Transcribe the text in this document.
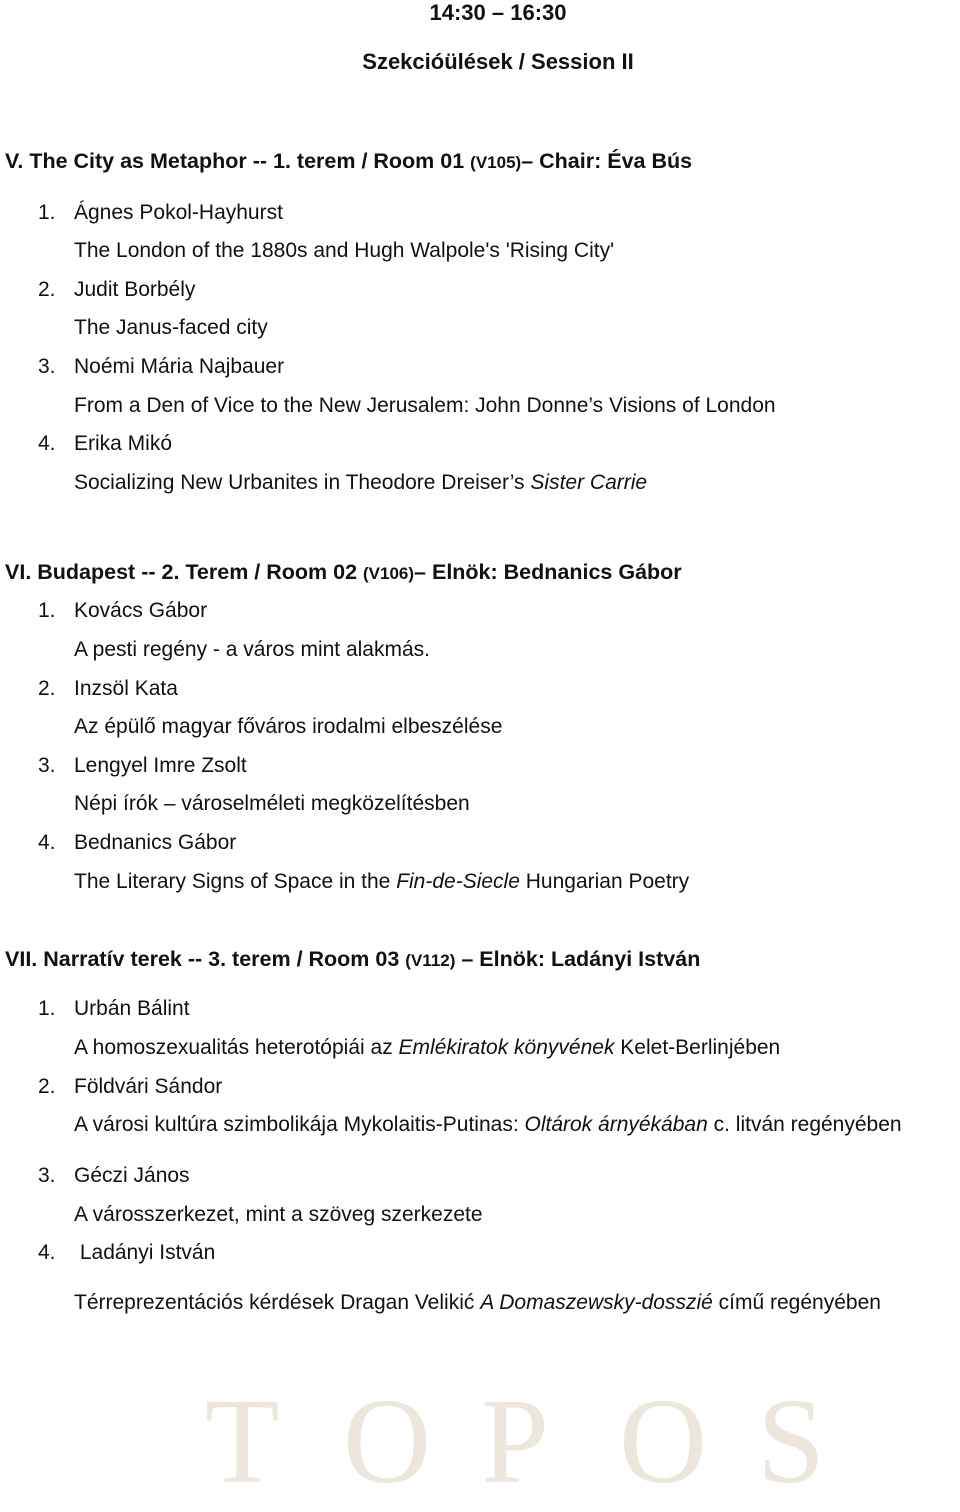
14:30 – 16:30
Szekcióülések / Session II
V. The City as Metaphor -- 1. terem / Room 01 (V105)– Chair: Éva Bús
1. Ágnes Pokol-Hayhurst
The London of the 1880s and Hugh Walpole's 'Rising City'
2. Judit Borbély
The Janus-faced city
3. Noémi Mária Najbauer
From a Den of Vice to the New Jerusalem: John Donne’s Visions of London
4. Erika Mikó
Socializing New Urbanites in Theodore Dreiser’s Sister Carrie
VI. Budapest -- 2. Terem / Room 02 (V106)– Elnök: Bednanics Gábor
1. Kovács Gábor
A pesti regény - a város mint alakmás.
2. Inzsöl Kata
Az épülő magyar főváros irodalmi elbeszélése
3. Lengyel Imre Zsolt
Népi írók – városelméleti megközelítésben
4. Bednanics Gábor
The Literary Signs of Space in the Fin-de-Siecle Hungarian Poetry
VII. Narratív terek -- 3. terem / Room 03 (V112) – Elnök: Ladányi István
1. Urbán Bálint
A homoszexualitás heterotópiái az Emlékiratok könyvének Kelet-Berlinjében
2. Földvári Sándor
A városi kultúra szimbolikája Mykolaitis-Putinas: Oltárok árnyékában c. litván regényében
3. Géczi János
A városszerkezet, mint a szöveg szerkezete
4. Ladányi István
Térreprezentációs kérdések Dragan Velikić A Domaszewsky-dosszié című regényében
T O P O S
